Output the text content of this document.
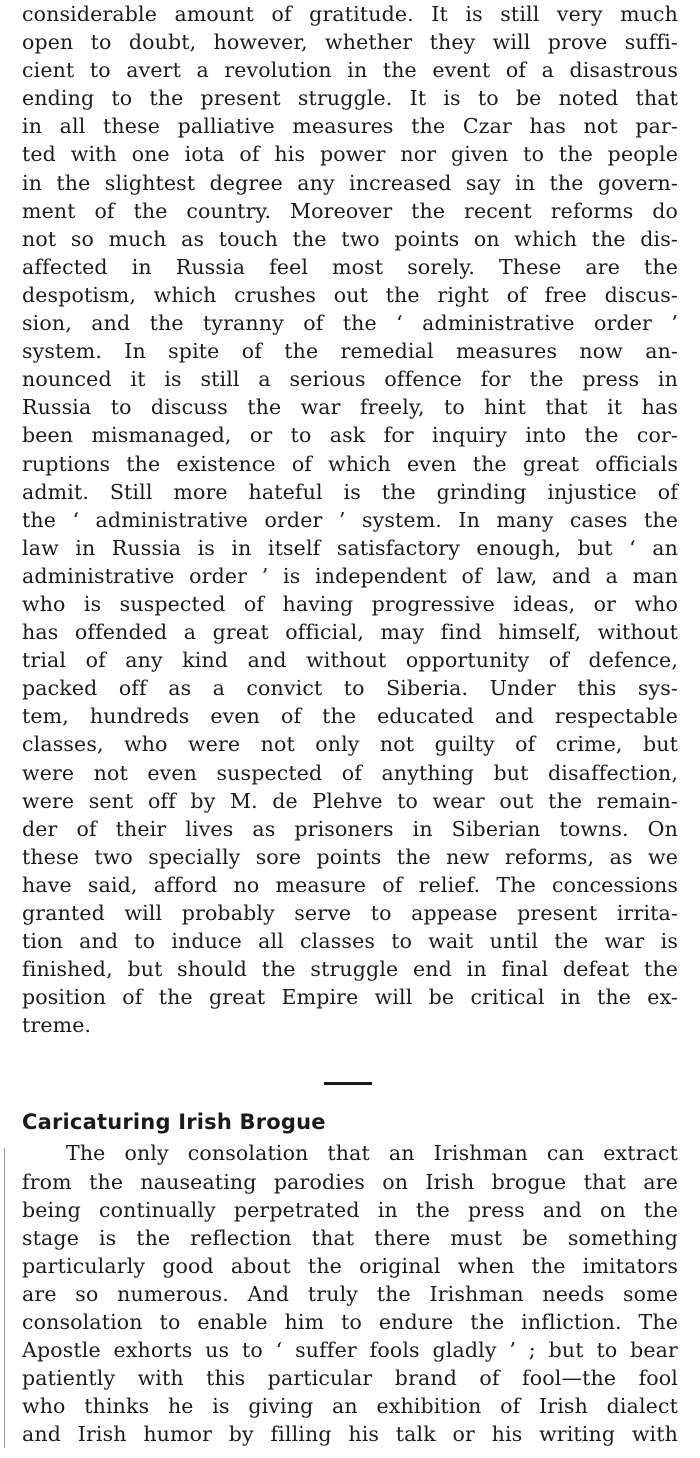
considerable amount of gratitude. It is still very much
open to doubt, however, whether they will prove suffi-
cient to avert a revolution in the event of a disastrous
ending to the present struggle. It is to be noted that
in all these palliative measures the Czar has not par-
ted with one iota of his power nor given to the people
in the slightest degree any increased say in the govern-
ment of the country. Moreover the recent reforms do
not so much as touch the two points on which the dis-
affected in Russia feel most sorely. These are the
despotism, which crushes out the right of free discus-
sion, and the tyranny of the ‘ administrative order ’
system. In spite of the remedial measures now an-
nounced it is still a serious offence for the press in
Russia to discuss the war freely, to hint that it has
been mismanaged, or to ask for inquiry into the cor-
ruptions the existence of which even the great officials
admit. Still more hateful is the grinding injustice of
the ‘ administrative order ’ system. In many cases the
law in Russia is in itself satisfactory enough, but ‘ an
administrative order ’ is independent of law, and a man
who is suspected of having progressive ideas, or who
has offended a great official, may find himself, without
trial of any kind and without opportunity of defence,
packed off as a convict to Siberia. Under this sys-
tem, hundreds even of the educated and respectable
classes, who were not only not guilty of crime, but
were not even suspected of anything but disaffection,
were sent off by M. de Plehve to wear out the remain-
der of their lives as prisoners in Siberian towns. On
these two specially sore points the new reforms, as we
have said, afford no measure of relief. The concessions
granted will probably serve to appease present irrita-
tion and to induce all classes to wait until the war is
finished, but should the struggle end in final defeat the
position of the great Empire will be critical in the ex-
treme.
Caricaturing Irish Brogue
The only consolation that an Irishman can extract
from the nauseating parodies on Irish brogue that are
being continually perpetrated in the press and on the
stage is the reflection that there must be something
particularly good about the original when the imitators
are so numerous. And truly the Irishman needs some
consolation to enable him to endure the infliction. The
Apostle exhorts us to ‘ suffer fools gladly ’ ; but to bear
patiently with this particular brand of fool—the fool
who thinks he is giving an exhibition of Irish dialect
and Irish humor by filling his talk or his writing with
